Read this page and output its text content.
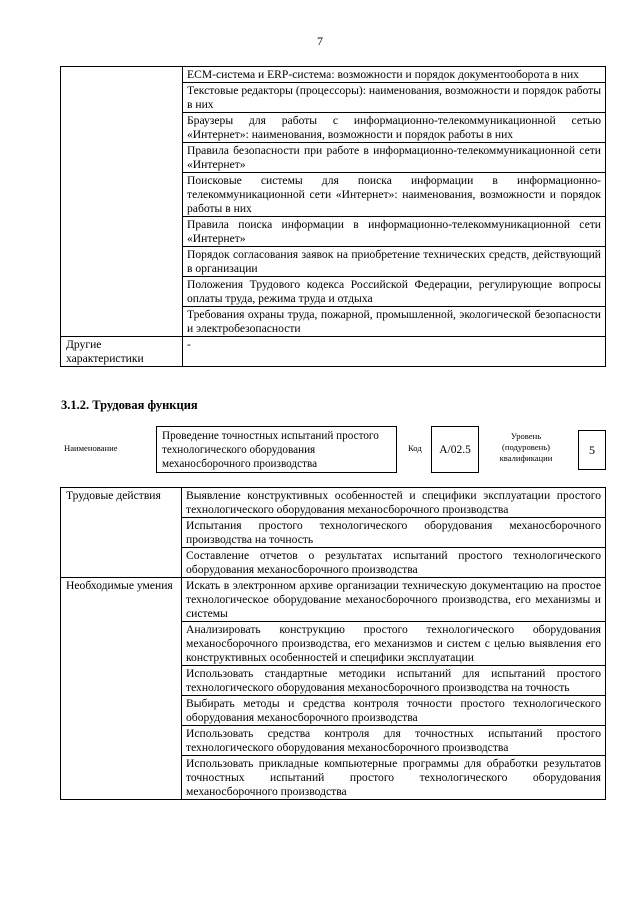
7
	ECM-система и ERP-система: возможности и порядок документооборота в них
	Текстовые редакторы (процессоры): наименования, возможности и порядок работы в них
	Браузеры для работы с информационно-телекоммуникационной сетью «Интернет»: наименования, возможности и порядок работы в них
	Правила безопасности при работе в информационно-телекоммуникационной сети «Интернет»
	Поисковые системы для поиска информации в информационно-телекоммуникационной сети «Интернет»: наименования, возможности и порядок работы в них
	Правила поиска информации в информационно-телекоммуникационной сети «Интернет»
	Порядок согласования заявок на приобретение технических средств, действующий в организации
	Положения Трудового кодекса Российской Федерации, регулирующие вопросы оплаты труда, режима труда и отдыха
	Требования охраны труда, пожарной, промышленной, экологической безопасности и электробезопасности
Другие характеристики	-
3.1.2. Трудовая функция
Наименование
Проведение точностных испытаний простого технологического оборудования механосборочного производства
Код	A/02.5
Уровень (подуровень) квалификации
5
Трудовые действия	Выявление конструктивных особенностей и специфики эксплуатации простого технологического оборудования механосборочного производства
	Испытания простого технологического оборудования механосборочного производства на точность
	Составление отчетов о результатах испытаний простого технологического оборудования механосборочного производства
Необходимые умения	Искать в электронном архиве организации техническую документацию на простое технологическое оборудование механосборочного производства, его механизмы и системы
	Анализировать конструкцию простого технологического оборудования механосборочного производства, его механизмов и систем с целью выявления его конструктивных особенностей и специфики эксплуатации
	Использовать стандартные методики испытаний для испытаний простого технологического оборудования механосборочного производства на точность
	Выбирать методы и средства контроля точности простого технологического оборудования механосборочного производства
	Использовать средства контроля для точностных испытаний простого технологического оборудования механосборочного производства
	Использовать прикладные компьютерные программы для обработки результатов точностных испытаний простого технологического оборудования механосборочного производства
